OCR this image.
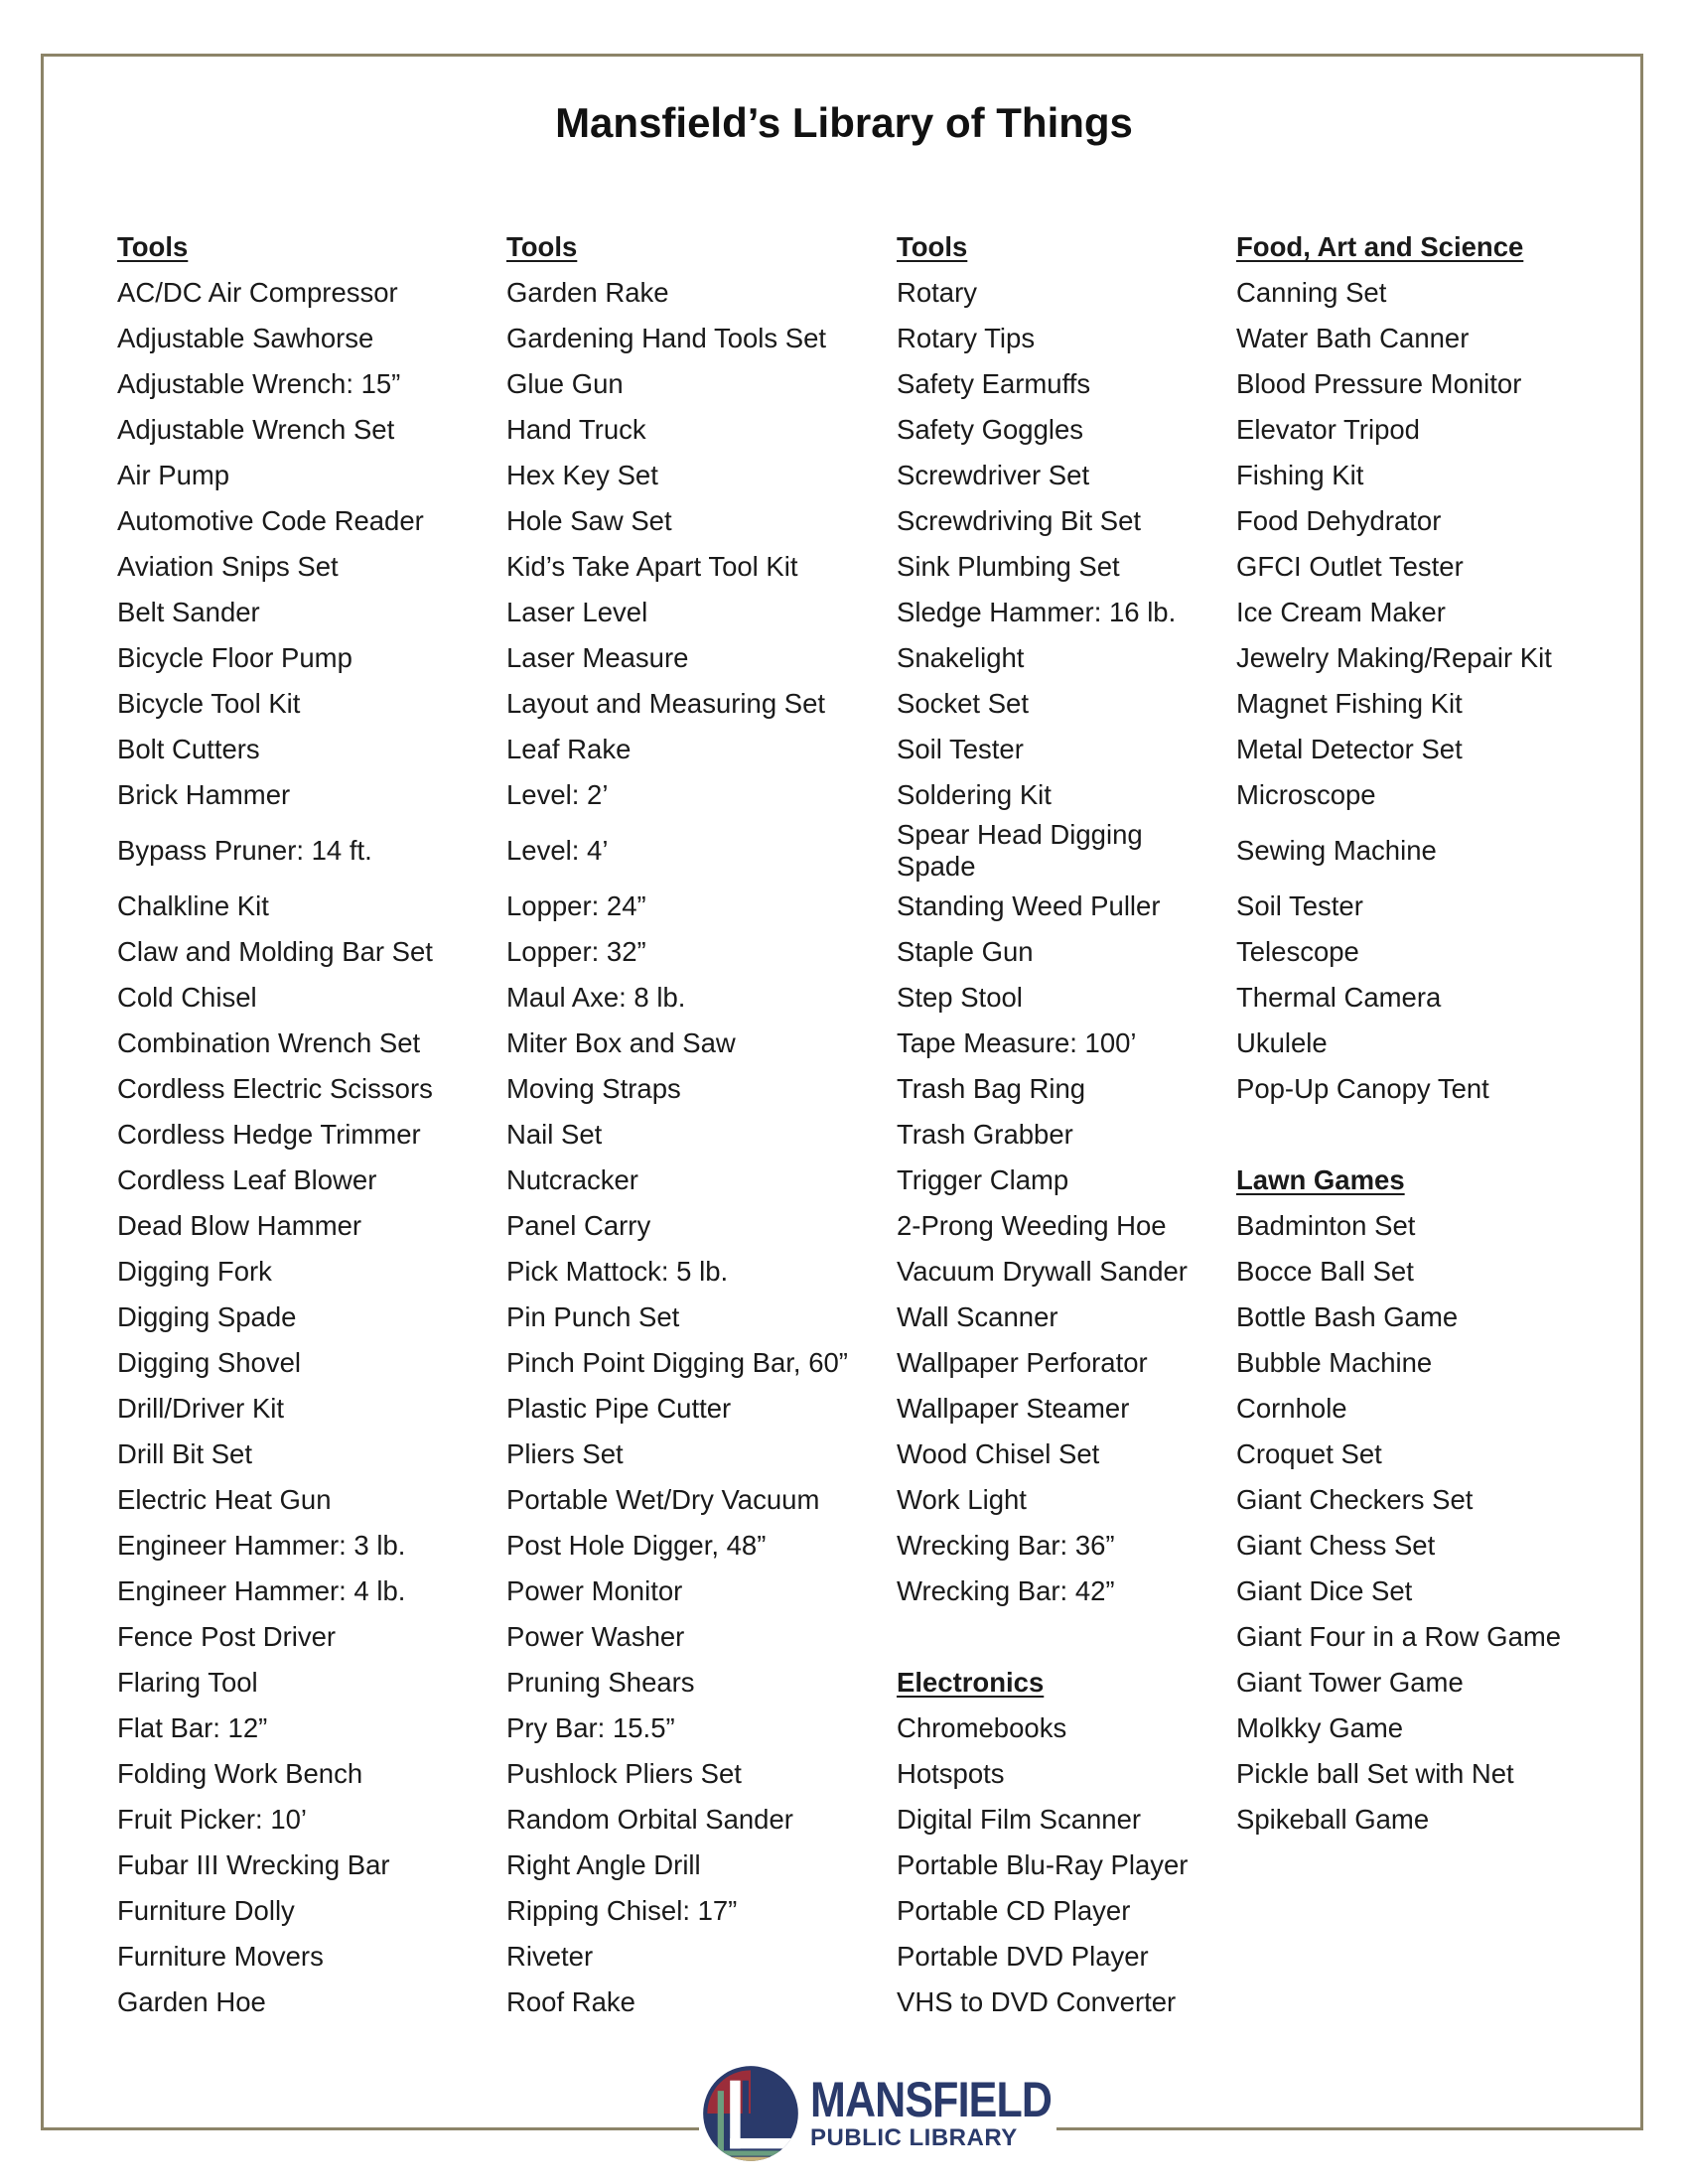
Mansfield’s Library of Things
Tools
AC/DC Air Compressor
Adjustable Sawhorse
Adjustable Wrench: 15”
Adjustable Wrench Set
Air Pump
Automotive Code Reader
Aviation Snips Set
Belt Sander
Bicycle Floor Pump
Bicycle Tool Kit
Bolt Cutters
Brick Hammer
Bypass Pruner: 14 ft.
Chalkline Kit
Claw and Molding Bar Set
Cold Chisel
Combination Wrench Set
Cordless Electric Scissors
Cordless Hedge Trimmer
Cordless Leaf Blower
Dead Blow Hammer
Digging Fork
Digging Spade
Digging Shovel
Drill/Driver Kit
Drill Bit Set
Electric Heat Gun
Engineer Hammer: 3 lb.
Engineer Hammer: 4 lb.
Fence Post Driver
Flaring Tool
Flat Bar: 12”
Folding Work Bench
Fruit Picker: 10’
Fubar III Wrecking Bar
Furniture Dolly
Furniture Movers
Garden Hoe
Tools
Garden Rake
Gardening Hand Tools Set
Glue Gun
Hand Truck
Hex Key Set
Hole Saw Set
Kid’s Take Apart Tool Kit
Laser Level
Laser Measure
Layout and Measuring Set
Leaf Rake
Level: 2’
Level: 4’
Lopper: 24”
Lopper: 32”
Maul Axe: 8 lb.
Miter Box and Saw
Moving Straps
Nail Set
Nutcracker
Panel Carry
Pick Mattock: 5 lb.
Pin Punch Set
Pinch Point Digging Bar, 60”
Plastic Pipe Cutter
Pliers Set
Portable Wet/Dry Vacuum
Post Hole Digger, 48”
Power Monitor
Power Washer
Pruning Shears
Pry Bar: 15.5”
Pushlock Pliers Set
Random Orbital Sander
Right Angle Drill
Ripping Chisel: 17”
Riveter
Roof Rake
Tools
Rotary
Rotary Tips
Safety Earmuffs
Safety Goggles
Screwdriver Set
Screwdriving Bit Set
Sink Plumbing Set
Sledge Hammer: 16 lb.
Snakelight
Socket Set
Soil Tester
Soldering Kit
Spear Head Digging Spade
Standing Weed Puller
Staple Gun
Step Stool
Tape Measure: 100’
Trash Bag Ring
Trash Grabber
Trigger Clamp
2-Prong Weeding Hoe
Vacuum Drywall Sander
Wall Scanner
Wallpaper Perforator
Wallpaper Steamer
Wood Chisel Set
Work Light
Wrecking Bar: 36”
Wrecking Bar: 42”
Electronics
Chromebooks
Hotspots
Digital Film Scanner
Portable Blu-Ray Player
Portable CD Player
Portable DVD Player
VHS to DVD Converter
Food, Art and Science
Canning Set
Water Bath Canner
Blood Pressure Monitor
Elevator Tripod
Fishing Kit
Food Dehydrator
GFCI Outlet Tester
Ice Cream Maker
Jewelry Making/Repair Kit
Magnet Fishing Kit
Metal Detector Set
Microscope
Sewing Machine
Soil Tester
Telescope
Thermal Camera
Ukulele
Pop-Up Canopy Tent
Lawn Games
Badminton Set
Bocce Ball Set
Bottle Bash Game
Bubble Machine
Cornhole
Croquet Set
Giant Checkers Set
Giant Chess Set
Giant Dice Set
Giant Four in a Row Game
Giant Tower Game
Molkky Game
Pickle ball Set with Net
Spikeball Game
MANSFIELD
PUBLIC LIBRARY
